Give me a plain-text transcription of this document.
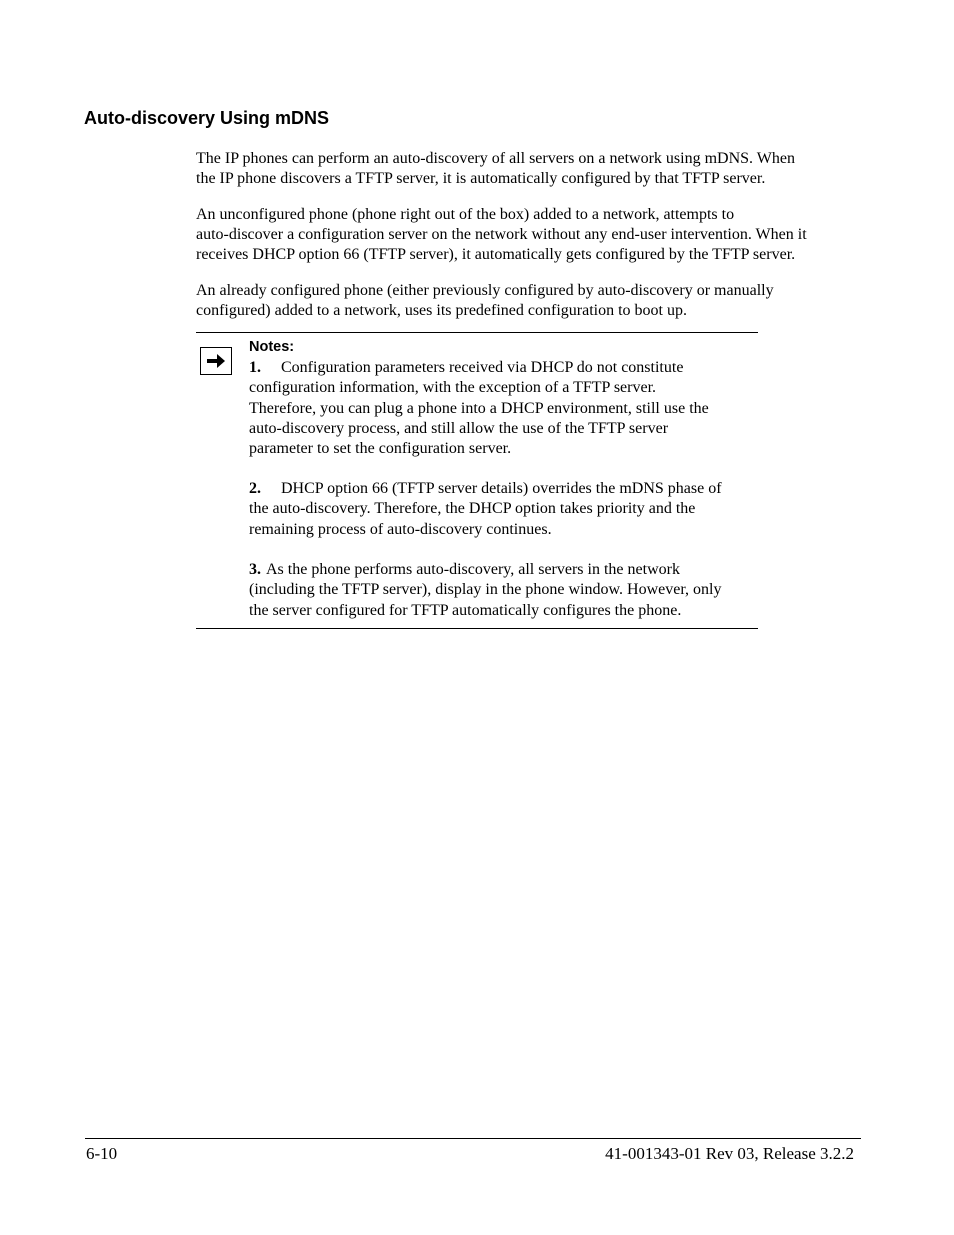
Auto-discovery Using mDNS

The IP phones can perform an auto-discovery of all servers on a network using mDNS. When
the IP phone discovers a TFTP server, it is automatically configured by that TFTP server.

An unconfigured phone (phone right out of the box) added to a network, attempts to
auto-discover a configuration server on the network without any end-user intervention. When it
receives DHCP option 66 (TFTP server), it automatically gets configured by the TFTP server.

An already configured phone (either previously configured by auto-discovery or manually
configured) added to a network, uses its predefined configuration to boot up.

Notes:

1. Configuration parameters received via DHCP do not constitute
configuration information, with the exception of a TFTP server.
Therefore, you can plug a phone into a DHCP environment, still use the
auto-discovery process, and still allow the use of the TFTP server
parameter to set the configuration server.

2. DHCP option 66 (TFTP server details) overrides the mDNS phase of
the auto-discovery. Therefore, the DHCP option takes priority and the
remaining process of auto-discovery continues.

3. As the phone performs auto-discovery, all servers in the network
(including the TFTP server), display in the phone window. However, only
the server configured for TFTP automatically configures the phone.

6-10	41-001343-01 Rev 03, Release 3.2.2
